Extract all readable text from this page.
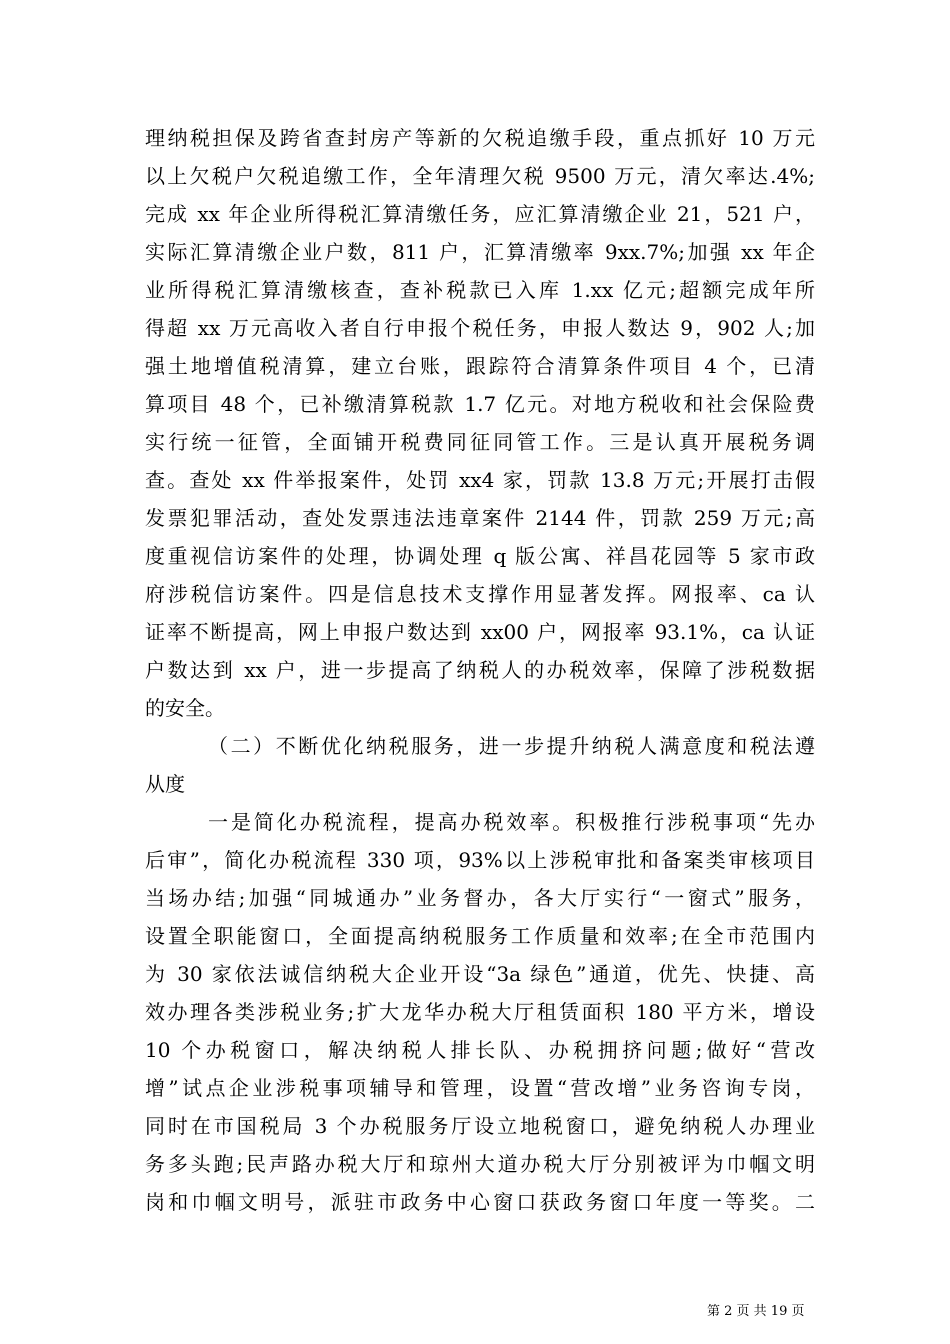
理纳税担保及跨省查封房产等新的欠税追缴手段，重点抓好 10 万元
以上欠税户欠税追缴工作，全年清理欠税 9500 万元，清欠率达.4%;
完成 xx 年企业所得税汇算清缴任务，应汇算清缴企业 21，521 户，
实际汇算清缴企业户数，811 户，汇算清缴率 9xx.7%;加强 xx 年企
业所得税汇算清缴核查，查补税款已入库 1.xx 亿元;超额完成年所
得超 xx 万元高收入者自行申报个税任务，申报人数达 9，902 人;加
强土地增值税清算，建立台账，跟踪符合清算条件项目 4 个，已清
算项目 48 个，已补缴清算税款 1.7 亿元。对地方税收和社会保险费
实行统一征管，全面铺开税费同征同管工作。三是认真开展税务调
查。查处 xx 件举报案件，处罚 xx4 家，罚款 13.8 万元;开展打击假
发票犯罪活动，查处发票违法违章案件 2144 件，罚款 259 万元;高
度重视信访案件的处理，协调处理 q 版公寓、祥昌花园等 5 家市政
府涉税信访案件。四是信息技术支撑作用显著发挥。网报率、ca 认
证率不断提高，网上申报户数达到 xx00 户，网报率 93.1%，ca 认证
户数达到 xx 户，进一步提高了纳税人的办税效率，保障了涉税数据
的安全。
（二）不断优化纳税服务，进一步提升纳税人满意度和税法遵
从度
一是简化办税流程，提高办税效率。积极推行涉税事项“先办
后审”，简化办税流程 330 项，93%以上涉税审批和备案类审核项目
当场办结;加强“同城通办”业务督办，各大厅实行“一窗式”服务，
设置全职能窗口，全面提高纳税服务工作质量和效率;在全市范围内
为 30 家依法诚信纳税大企业开设“3a 绿色”通道，优先、快捷、高
效办理各类涉税业务;扩大龙华办税大厅租赁面积 180 平方米，增设
10 个办税窗口，解决纳税人排长队、办税拥挤问题;做好“营改
增”试点企业涉税事项辅导和管理，设置“营改增”业务咨询专岗，
同时在市国税局 3 个办税服务厅设立地税窗口，避免纳税人办理业
务多头跑;民声路办税大厅和琼州大道办税大厅分别被评为巾帼文明
岗和巾帼文明号，派驻市政务中心窗口获政务窗口年度一等奖。二
第 2 页 共 19 页
